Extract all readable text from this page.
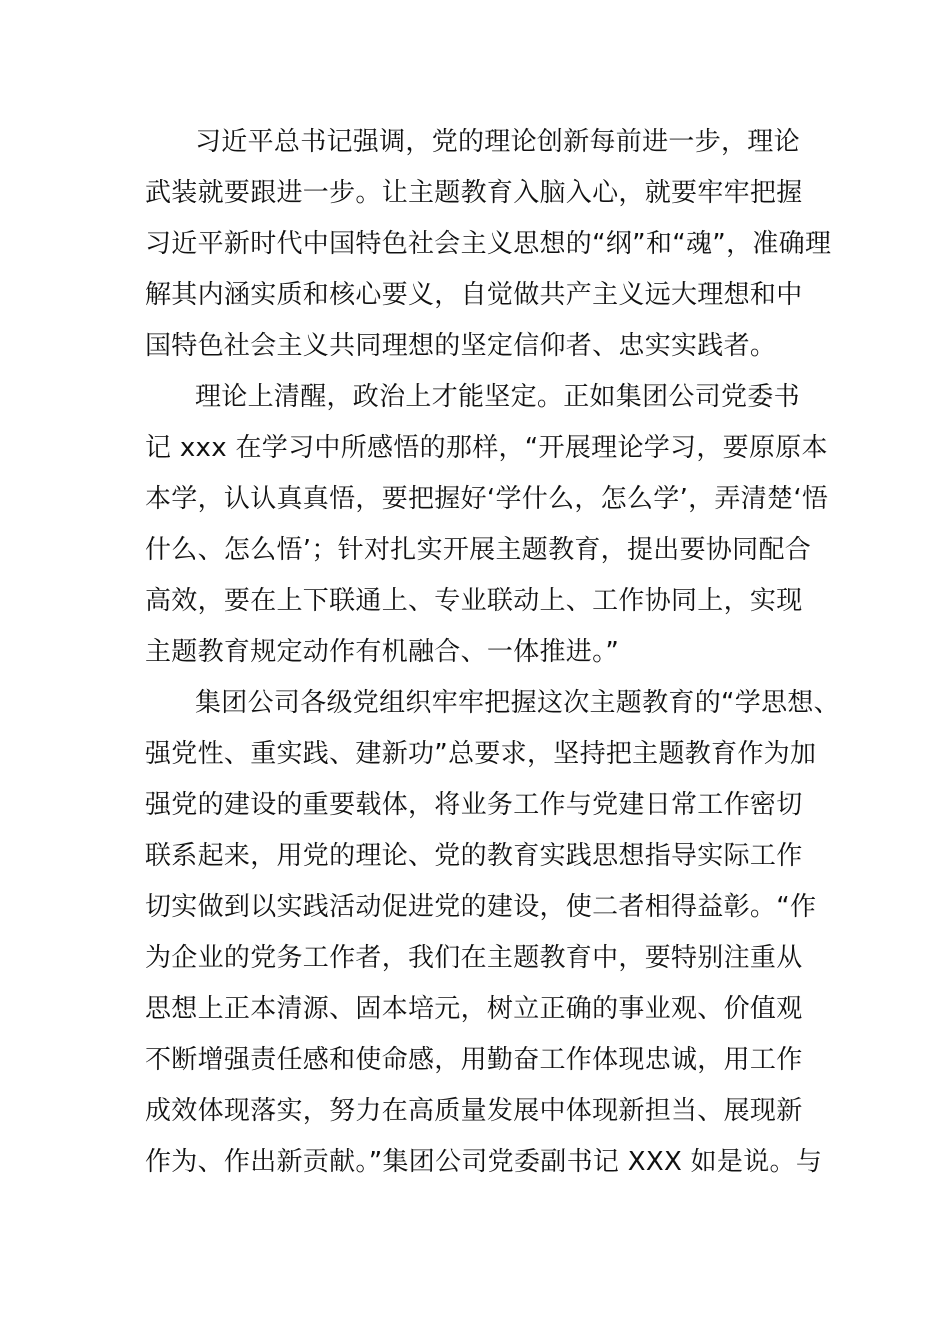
习近平总书记强调，党的理论创新每前进一步，理论
武装就要跟进一步。让主题教育入脑入心，就要牢牢把握
习近平新时代中国特色社会主义思想的“纲”和“魂”，准确理
解其内涵实质和核心要义，自觉做共产主义远大理想和中
国特色社会主义共同理想的坚定信仰者、忠实实践者。
理论上清醒，政治上才能坚定。正如集团公司党委书
记 xxx 在学习中所感悟的那样，“开展理论学习，要原原本
本学，认认真真悟，要把握好‘学什么，怎么学’，弄清楚‘悟
什么、怎么悟’；针对扎实开展主题教育，提出要协同配合
高效，要在上下联通上、专业联动上、工作协同上，实现
主题教育规定动作有机融合、一体推进。”
集团公司各级党组织牢牢把握这次主题教育的“学思想、
强党性、重实践、建新功”总要求，坚持把主题教育作为加
强党的建设的重要载体，将业务工作与党建日常工作密切
联系起来，用党的理论、党的教育实践思想指导实际工作
切实做到以实践活动促进党的建设，使二者相得益彰。“作
为企业的党务工作者，我们在主题教育中，要特别注重从
思想上正本清源、固本培元，树立正确的事业观、价值观
不断增强责任感和使命感，用勤奋工作体现忠诚，用工作
成效体现落实，努力在高质量发展中体现新担当、展现新
作为、作出新贡献。”集团公司党委副书记 XXX 如是说。与
